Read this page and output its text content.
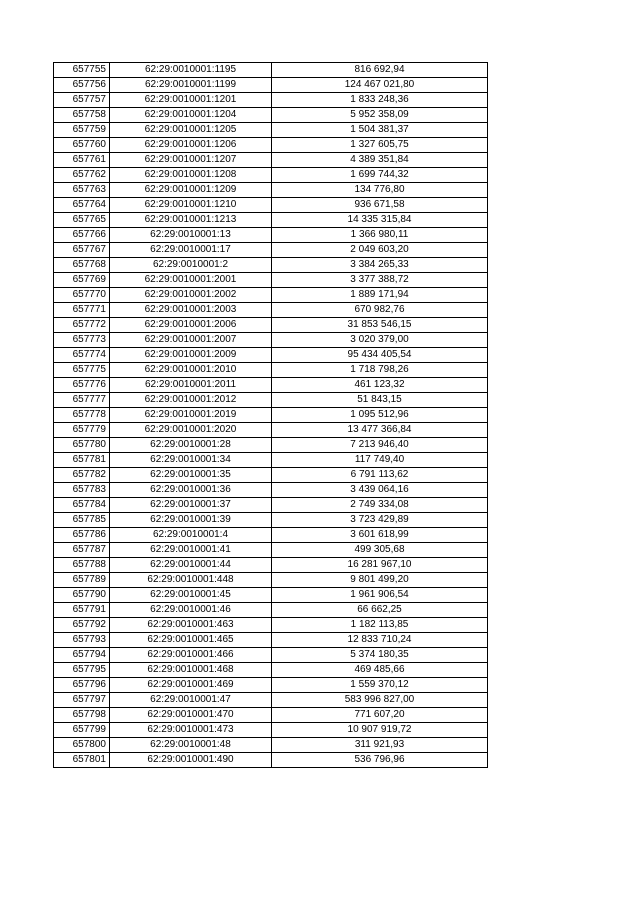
657755	62:29:0010001:1195	816 692,94
657756	62:29:0010001:1199	124 467 021,80
657757	62:29:0010001:1201	1 833 248,36
657758	62:29:0010001:1204	5 952 358,09
657759	62:29:0010001:1205	1 504 381,37
657760	62:29:0010001:1206	1 327 605,75
657761	62:29:0010001:1207	4 389 351,84
657762	62:29:0010001:1208	1 699 744,32
657763	62:29:0010001:1209	134 776,80
657764	62:29:0010001:1210	936 671,58
657765	62:29:0010001:1213	14 335 315,84
657766	62:29:0010001:13	1 366 980,11
657767	62:29:0010001:17	2 049 603,20
657768	62:29:0010001:2	3 384 265,33
657769	62:29:0010001:2001	3 377 388,72
657770	62:29:0010001:2002	1 889 171,94
657771	62:29:0010001:2003	670 982,76
657772	62:29:0010001:2006	31 853 546,15
657773	62:29:0010001:2007	3 020 379,00
657774	62:29:0010001:2009	95 434 405,54
657775	62:29:0010001:2010	1 718 798,26
657776	62:29:0010001:2011	461 123,32
657777	62:29:0010001:2012	51 843,15
657778	62:29:0010001:2019	1 095 512,96
657779	62:29:0010001:2020	13 477 366,84
657780	62:29:0010001:28	7 213 946,40
657781	62:29:0010001:34	117 749,40
657782	62:29:0010001:35	6 791 113,62
657783	62:29:0010001:36	3 439 064,16
657784	62:29:0010001:37	2 749 334,08
657785	62:29:0010001:39	3 723 429,89
657786	62:29:0010001:4	3 601 618,99
657787	62:29:0010001:41	499 305,68
657788	62:29:0010001:44	16 281 967,10
657789	62:29:0010001:448	9 801 499,20
657790	62:29:0010001:45	1 961 906,54
657791	62:29:0010001:46	66 662,25
657792	62:29:0010001:463	1 182 113,85
657793	62:29:0010001:465	12 833 710,24
657794	62:29:0010001:466	5 374 180,35
657795	62:29:0010001:468	469 485,66
657796	62:29:0010001:469	1 559 370,12
657797	62:29:0010001:47	583 996 827,00
657798	62:29:0010001:470	771 607,20
657799	62:29:0010001:473	10 907 919,72
657800	62:29:0010001:48	311 921,93
657801	62:29:0010001:490	536 796,96
